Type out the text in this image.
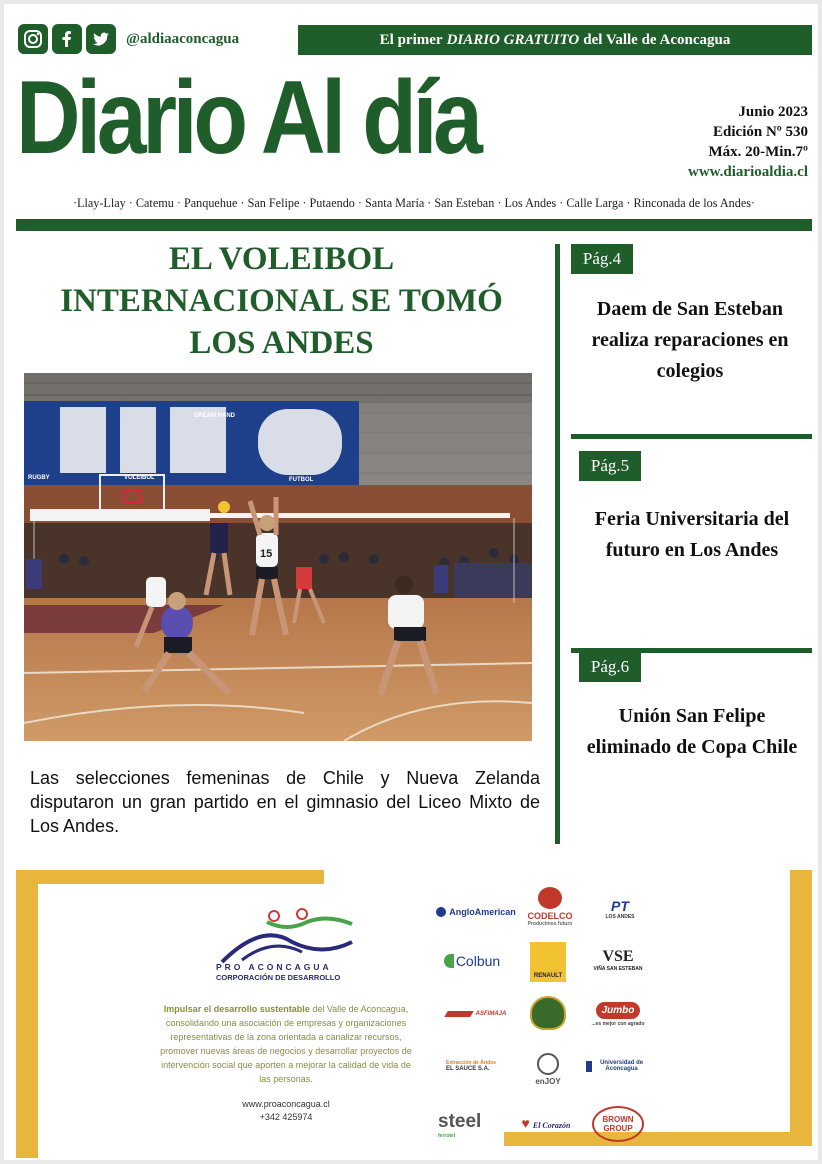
@aldiaaconcagua	El primer DIARIO GRATUITO del Valle de Aconcagua
Diario Al día	Junio 2023
Edición Nº 530
Máx. 20-Min.7º
www.diarioaldia.cl
·Llay-Llay · Catemu · Panquehue · San Felipe · Putaendo · Santa María · San Esteban · Los Andes · Calle Larga · Rinconada de los Andes·
EL VOLEIBOL
INTERNACIONAL SE TOMÓ
LOS ANDES
DREAM HAND
VOLEIBOL	FUTBOL
RUGBY
15

Las selecciones femeninas de Chile y Nueva Zelanda disputaron un gran partido en el gimnasio del Liceo Mixto de Los Andes.

Pág.4
Daem de San Esteban realiza reparaciones en colegios
Pág.5
Feria Universitaria del futuro en Los Andes
Pág.6
Unión San Felipe eliminado de Copa Chile
PRO ACONCAGUA
CORPORACIÓN DE DESARROLLO

Impulsar el desarrollo sustentable del Valle de Aconcagua, consolidando una asociación de empresas y organizaciones representativas de la zona orientada a canalizar recursos, promover nuevas áreas de negocios y desarrollar proyectos de intervención social que aporten a mejorar la calidad de vida de las personas.

www.proaconcagua.cl
+342 425974
AngloAmerican CODELCO
Producimos futuro
PT
LOS ANDES
Colbun
RENAULT
VSE
VIÑA SAN ESTEBAN
ASFIMAJA	Jumbo
...es mejor con agrado
Extracción de Áridos
EL SAUCE S.A.
enJOY
Universidad de Aconcagua
steel
ferrotel
♥ El Corazón
BROWN GROUP
